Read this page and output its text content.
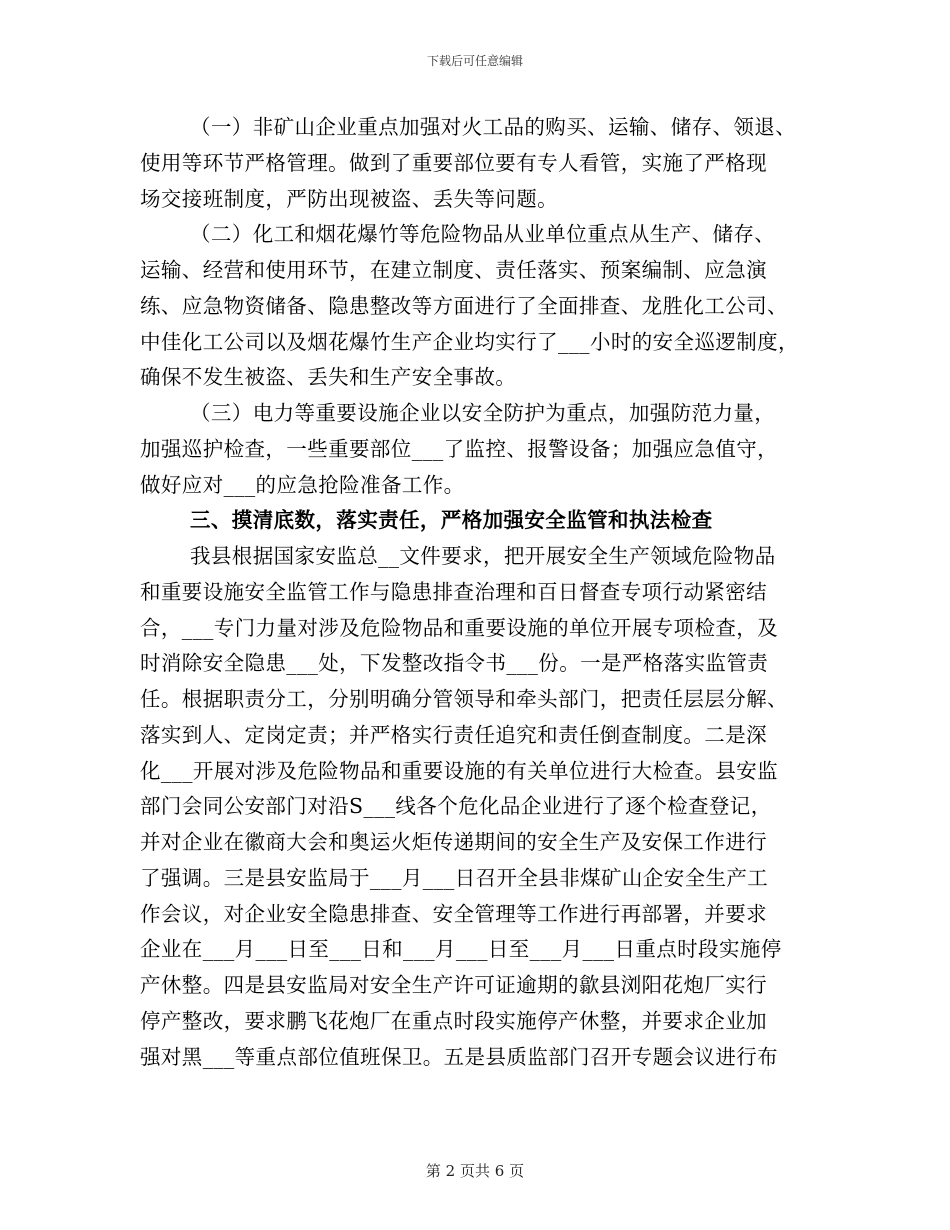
下载后可任意编辑
（一）非矿山企业重点加强对火工品的购买、运输、储存、领退、
使用等环节严格管理。做到了重要部位要有专人看管，实施了严格现
场交接班制度，严防出现被盗、丢失等问题。
（二）化工和烟花爆竹等危险物品从业单位重点从生产、储存、
运输、经营和使用环节，在建立制度、责任落实、预案编制、应急演
练、应急物资储备、隐患整改等方面进行了全面排查、龙胜化工公司、
中佳化工公司以及烟花爆竹生产企业均实行了___小时的安全巡逻制度，
确保不发生被盗、丢失和生产安全事故。
（三）电力等重要设施企业以安全防护为重点，加强防范力量，
加强巡护检查，一些重要部位___了监控、报警设备；加强应急值守，
做好应对___的应急抢险准备工作。
三、摸清底数，落实责任，严格加强安全监管和执法检查
我县根据国家安监总__文件要求，把开展安全生产领域危险物品
和重要设施安全监管工作与隐患排查治理和百日督查专项行动紧密结
合，___专门力量对涉及危险物品和重要设施的单位开展专项检查，及
时消除安全隐患___处，下发整改指令书___份。一是严格落实监管责
任。根据职责分工，分别明确分管领导和牵头部门，把责任层层分解、
落实到人、定岗定责；并严格实行责任追究和责任倒查制度。二是深
化___开展对涉及危险物品和重要设施的有关单位进行大检查。县安监
部门会同公安部门对沿S___线各个危化品企业进行了逐个检查登记，
并对企业在徽商大会和奥运火炬传递期间的安全生产及安保工作进行
了强调。三是县安监局于___月___日召开全县非煤矿山企安全生产工
作会议，对企业安全隐患排查、安全管理等工作进行再部署，并要求
企业在___月___日至___日和___月___日至___月___日重点时段实施停
产休整。四是县安监局对安全生产许可证逾期的歙县浏阳花炮厂实行
停产整改，要求鹏飞花炮厂在重点时段实施停产休整，并要求企业加
强对黑___等重点部位值班保卫。五是县质监部门召开专题会议进行布
第 2 页共 6 页
